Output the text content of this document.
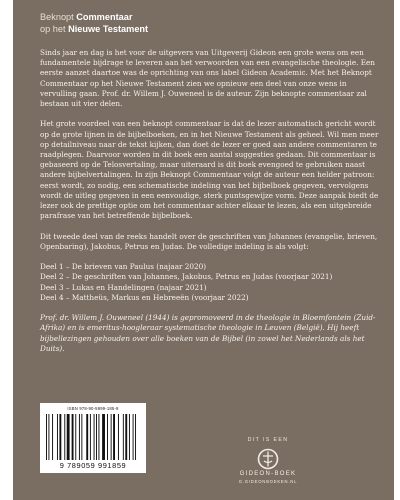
Beknopt Commentaar
op het Nieuwe Testament

Sinds jaar en dag is het voor de uitgevers van Uitgeverij Gideon een grote wens om een fundamentele bijdrage te leveren aan het verwoorden van een evangelische theologie. Een eerste aanzet daartoe was de oprichting van ons label Gideon Academic. Met het Beknopt Commentaar op het Nieuwe Testament zien we opnieuw een deel van onze wens in vervulling gaan. Prof. dr. Willem J. Ouweneel is de auteur. Zijn beknopte commentaar zal bestaan uit vier delen.

Het grote voordeel van een beknopt commentaar is dat de lezer automatisch gericht wordt op de grote lijnen in de bijbelboeken, en in het Nieuwe Testament als geheel. Wil men meer op detailniveau naar de tekst kijken, dan doet de lezer er goed aan andere commentaren te raadplegen. Daarvoor worden in dit boek een aantal suggesties gedaan. Dit commentaar is gebaseerd op de Telosvertaling, maar uiteraard is dit boek evengoed te gebruiken naast andere bijbelvertalingen. In zijn Beknopt Commentaar volgt de auteur een helder patroon: eerst wordt, zo nodig, een schematische indeling van het bijbelboek gegeven, vervolgens wordt de uitleg gegeven in een eenvoudige, sterk puntsgewijze vorm. Deze aanpak biedt de lezer ook de prettige optie om het commentaar achter elkaar te lezen, als een uitgebreide parafrase van het betreffende bijbelboek.

Dit tweede deel van de reeks handelt over de geschriften van Johannes (evangelie, brieven, Openbaring), Jakobus, Petrus en Judas. De volledige indeling is als volgt:

Deel 1 – De brieven van Paulus (najaar 2020)
Deel 2 – De geschriften van Johannes, Jakobus, Petrus en Judas (voorjaar 2021)
Deel 3 – Lukas en Handelingen (najaar 2021)
Deel 4 – Mattheüs, Markus en Hebreeën (voorjaar 2022)

Prof. dr. Willem J. Ouweneel (1944) is gepromoveerd in de theologie in Bloemfontein (Zuid-Afrika) en is emeritus-hoogleraar systematische theologie in Leuven (België). Hij heeft bijbellezingen gehouden over alle boeken van de Bijbel (in zowel het Nederlands als het Duits).

ISBN 978-90-5999-185-9
9 789059 991859
DIT IS EEN
GIDEON-BOEK
G.GIDEONBOEKEN.NL
